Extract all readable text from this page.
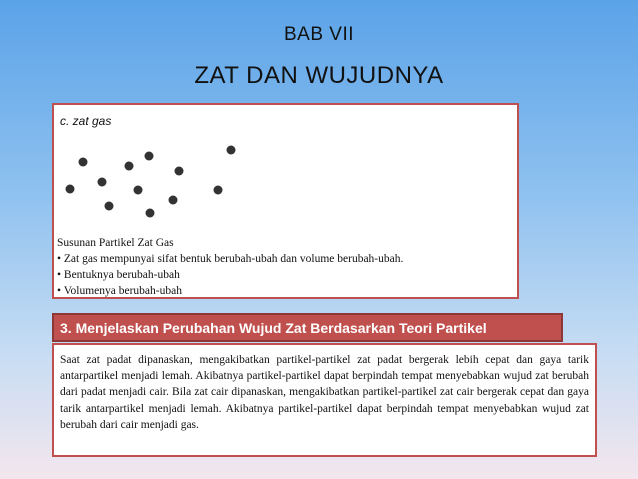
BAB VII
ZAT DAN WUJUDNYA
c. zat gas
Susunan Partikel Zat Gas
• Zat gas mempunyai sifat bentuk berubah-ubah dan volume berubah-ubah.
• Bentuknya berubah-ubah
• Volumenya berubah-ubah
3. Menjelaskan Perubahan Wujud Zat Berdasarkan Teori Partikel
Saat zat padat dipanaskan, mengakibatkan partikel-partikel zat padat bergerak lebih cepat dan gaya tarik antarpartikel menjadi lemah. Akibatnya partikel-partikel dapat berpindah tempat menyebabkan wujud zat berubah dari padat menjadi cair. Bila zat cair dipanaskan, mengakibatkan partikel-partikel zat cair bergerak cepat dan gaya tarik antarpartikel menjadi lemah. Akibatnya partikel-partikel dapat berpindah tempat menyebabkan wujud zat berubah dari cair menjadi gas.
